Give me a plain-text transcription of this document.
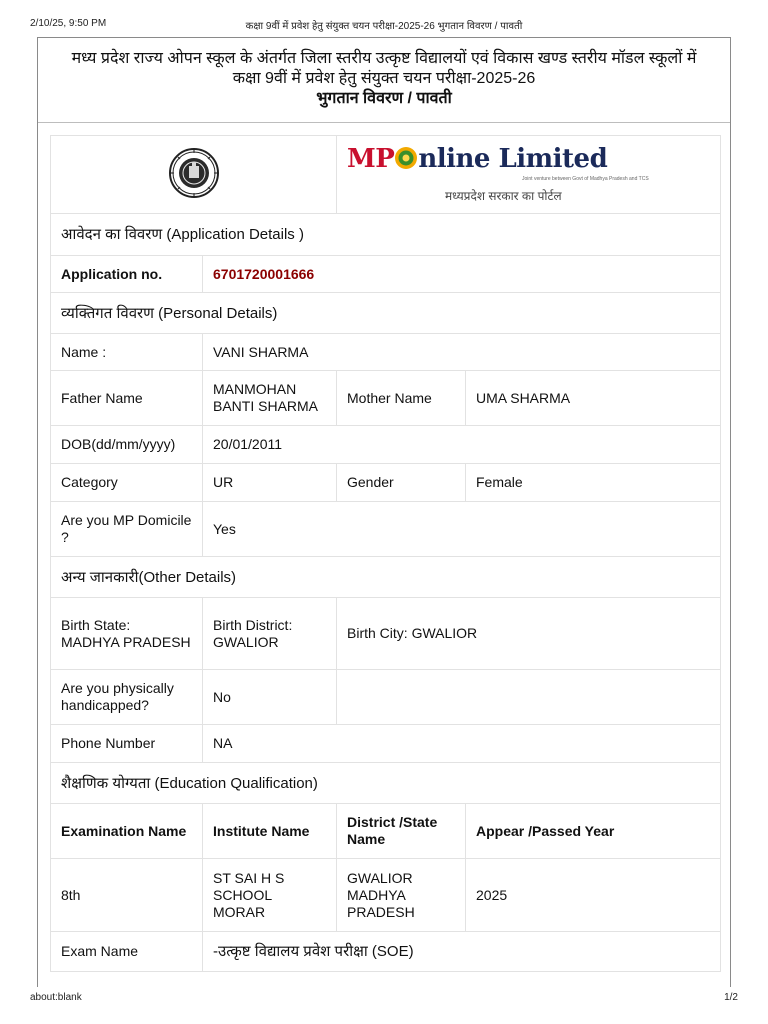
2/10/25, 9:50 PM	कक्षा 9वीं में प्रवेश हेतु संयुक्त चयन परीक्षा-2025-26 भुगतान विवरण / पावती
मध्य प्रदेश राज्य ओपन स्कूल के अंतर्गत जिला स्तरीय उत्कृष्ट विद्यालयों एवं विकास खण्ड स्तरीय मॉडल स्कूलों में
कक्षा 9वीं में प्रवेश हेतु संयुक्त चयन परीक्षा-2025-26
भुगतान विवरण / पावती

MP nline Limited
Joint venture between Govt of Madhya Pradesh and TCS
मध्यप्रदेश सरकार का पोर्टल	

आवेदन का विवरण (Application Details )			
Application no.	6701720001666		
व्यक्तिगत विवरण (Personal Details)			
Name :	VANI SHARMA		
Father Name	MANMOHAN BANTI SHARMA	Mother Name	UMA SHARMA
DOB(dd/mm/yyyy)	20/01/2011		
Category	UR	Gender	Female
Are you MP Domicile ?	Yes		
अन्य जानकारी(Other Details)			
Birth State: MADHYA PRADESH	Birth District: GWALIOR	Birth City: GWALIOR	
Are you physically handicapped?	No		
Phone Number	NA		
शैक्षणिक योग्यता (Education Qualification)			
Examination Name	Institute Name	District /State Name	Appear /Passed Year
8th	ST SAI H S SCHOOL MORAR	GWALIOR MADHYA PRADESH	2025
Exam Name	-उत्कृष्ट विद्यालय प्रवेश परीक्षा (SOE)		
about:blank	1/2
